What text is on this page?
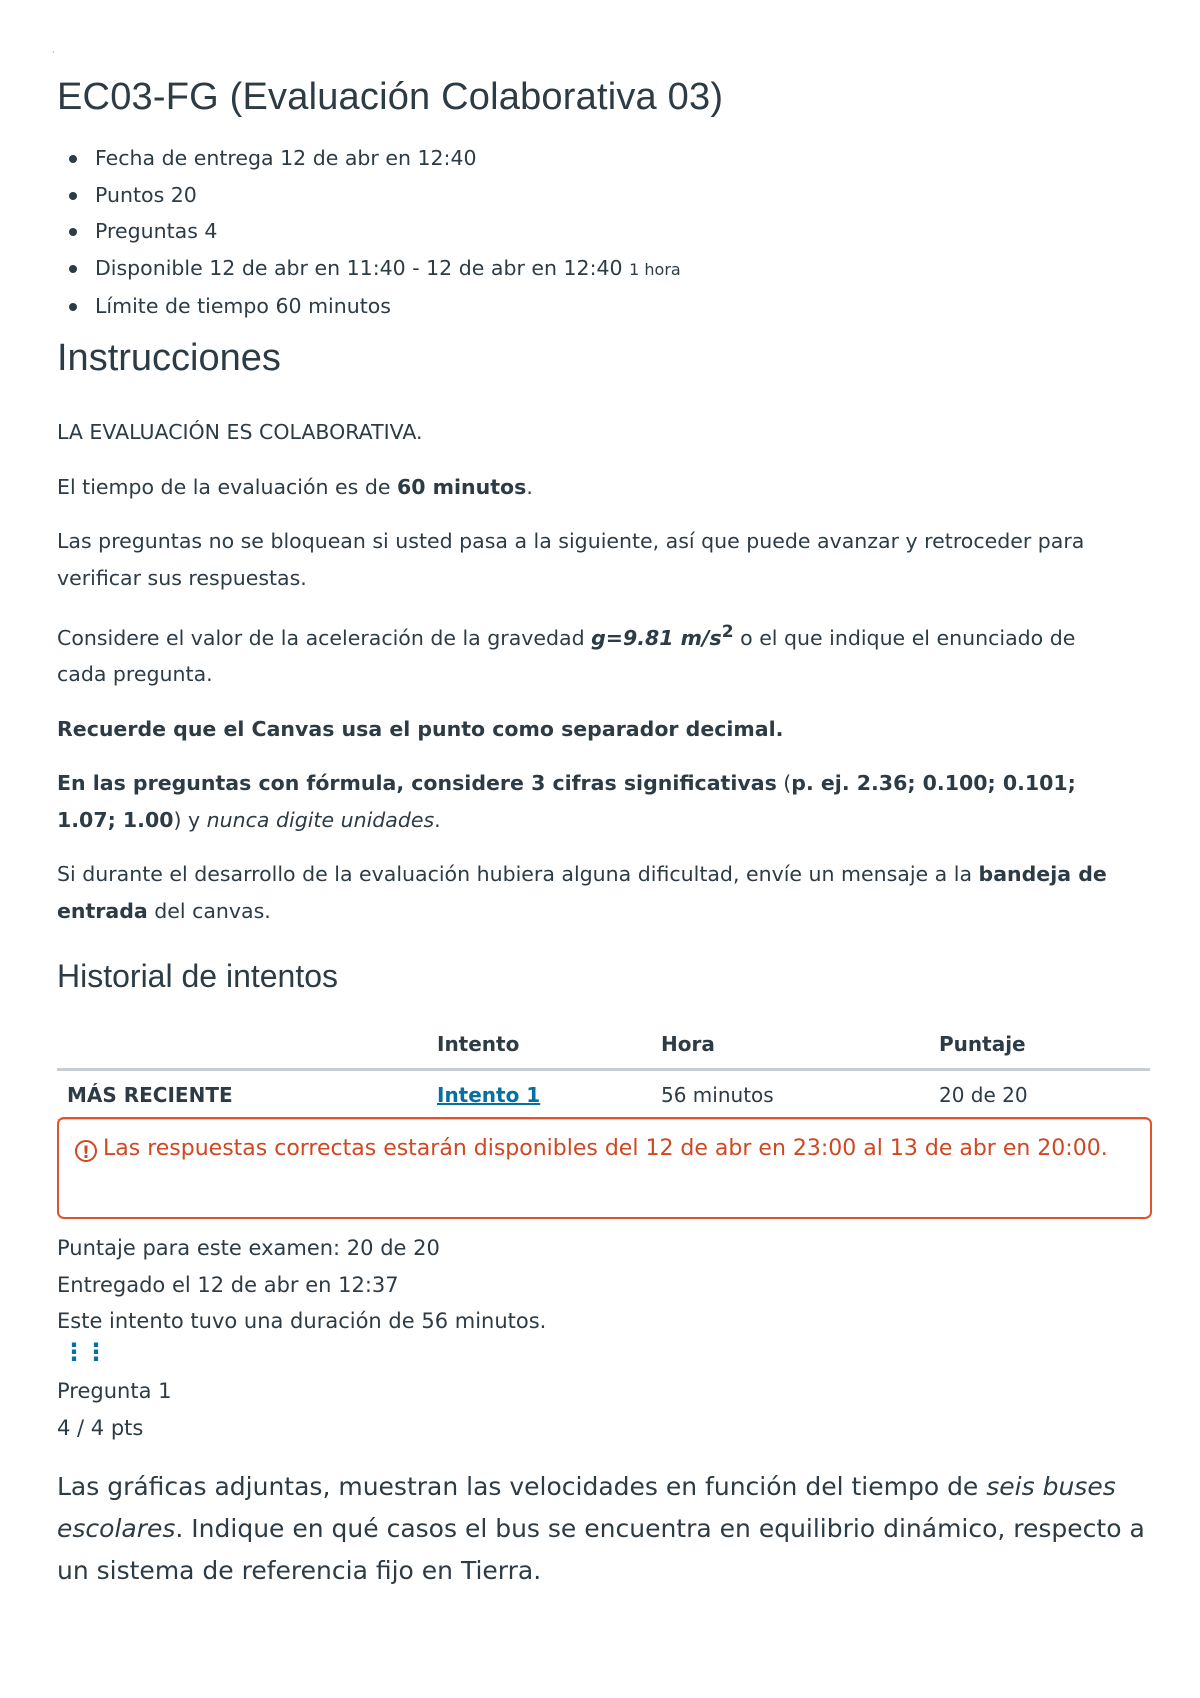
·
EC03-FG (Evaluación Colaborativa 03)
Fecha de entrega 12 de abr en 12:40
Puntos 20
Preguntas 4
Disponible 12 de abr en 11:40 - 12 de abr en 12:40 1 hora
Límite de tiempo 60 minutos
Instrucciones

LA EVALUACIÓN ES COLABORATIVA.

El tiempo de la evaluación es de 60 minutos.

Las preguntas no se bloquean si usted pasa a la siguiente, así que puede avanzar y retroceder para verificar sus respuestas.

Considere el valor de la aceleración de la gravedad g=9.81 $m/s^2$ o el que indique el enunciado de cada pregunta.

Recuerde que el Canvas usa el punto como separador decimal.

En las preguntas con fórmula, considere 3 cifras significativas (p. ej. 2.36; 0.100; 0.101; 1.07; 1.00) y nunca digite unidades.

Si durante el desarrollo de la evaluación hubiera alguna dificultad, envíe un mensaje a la bandeja de entrada del canvas.

Historial de intentos
	Intento	Hora	Puntaje
MÁS RECIENTE	Intento 1	56 minutos	20 de 20
! Las respuestas correctas estarán disponibles del 12 de abr en 23:00 al 13 de abr en 20:00.
Puntaje para este examen: 20 de 20
Entregado el 12 de abr en 12:37
Este intento tuvo una duración de 56 minutos.
⋮⋮
Pregunta 1
4 / 4 pts
Las gráficas adjuntas, muestran las velocidades en función del tiempo de seis buses escolares. Indique en qué casos el bus se encuentra en equilibrio dinámico, respecto a un sistema de referencia fijo en Tierra.
